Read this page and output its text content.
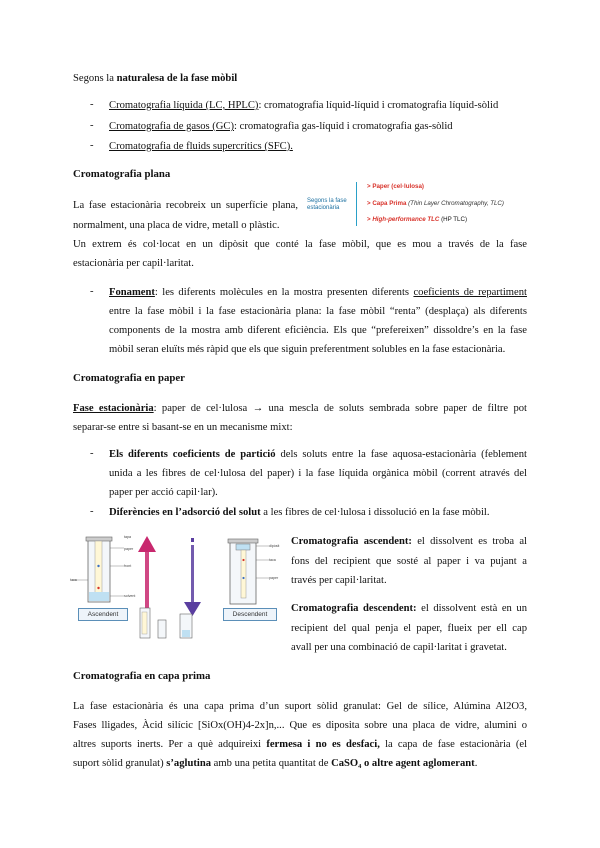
Segons la naturalesa de la fase mòbil
- Cromatografia líquida (LC, HPLC): cromatografia líquid-líquid i cromatografia líquid-sòlid
- Cromatografia de gasos (GC): cromatografia gas-líquid i cromatografia gas-sòlid
- Cromatografia de fluids supercrítics (SFC).
Cromatografia plana
La fase estacionària recobreix un superfície plana,
normalment, una placa de vidre, metall o plàstic.
Segons la fase estacionària
> Paper (cel·lulosa)
> Capa Prima (Thin Layer Chromatography, TLC)
> High-performance TLC (HP TLC)
Un extrem és col·locat en un dipòsit que conté la fase mòbil, que es mou a través de la fase
estacionària per capil·laritat.
- Fonament: les diferents molècules en la mostra presenten diferents coeficients de repartiment
entre la fase mòbil i la fase estacionària plana: la fase mòbil “renta” (desplaça) als diferents
components de la mostra amb diferent eficiència. Els que “prefereixen” dissoldre’s en la fase
mòbil seran eluïts més ràpid que els que siguin preferentment solubles en la fase estacionària.
Cromatografia en paper
Fase estacionària: paper de cel·lulosa → una mescla de soluts sembrada sobre paper de filtre pot
separar-se entre si basant-se en un mecanisme mixt:
- Els diferents coeficients de partició dels soluts entre la fase aquosa-estacionària (feblement
unida a les fibres de cel·lulosa del paper) i la fase líquida orgànica mòbil (corrent através del
paper per acció capil·lar).
- Diferències en l’adsorció del solut a les fibres de cel·lulosa i dissolució en la fase mòbil.
tapa
paper
front
solvent
taca
dipòsit
taca
paper
Ascendent	Descendent
Cromatografia ascendent: el dissolvent es troba al
fons del recipient que sosté al paper i va pujant a
través per capil·laritat.
Cromatografia descendent: el dissolvent està en un
recipient del qual penja el paper, flueix per ell cap
avall per una combinació de capil·laritat i gravetat.
Cromatografia en capa prima
La fase estacionària és una capa prima d’un suport sòlid granulat: Gel de sílice, Alúmina Al2O3,
Fases lligades, Àcid silícic [SiOx(OH)4-2x]n,... Que es diposita sobre una placa de vidre, alumini o
altres suports inerts. Per a què adquireixi fermesa i no es desfaci, la capa de fase estacionària (el
suport sòlid granulat) s’aglutina amb una petita quantitat de CaSO₄ o altre agent aglomerant.
